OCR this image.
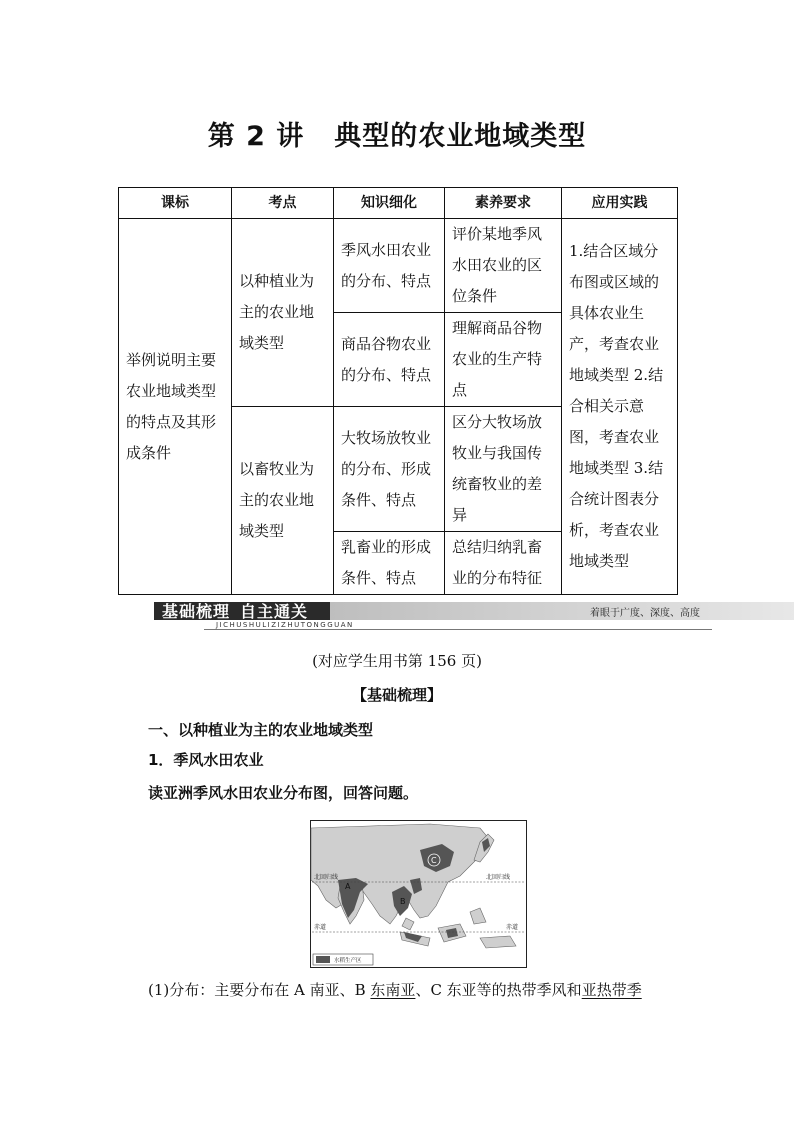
第 2 讲 典型的农业地域类型
课标	考点	知识细化	素养要求	应用实践

举例说明主要农业地域类型的特点及其形成条件	以种植业为主的农业地域类型	季风水田农业的分布、特点	评价某地季风水田农业的区位条件	1.结合区域分布图或区域的具体农业生产，考查农业地域类型 2.结合相关示意图，考查农业地域类型 3.结合统计图表分析，考查农业地域类型

		商品谷物农业的分布、特点	理解商品谷物农业的生产特点	

	以畜牧业为主的农业地域类型	大牧场放牧业的分布、形成条件、特点	区分大牧场放牧业与我国传统畜牧业的差异	

		乳畜业的形成条件、特点	总结归纳乳畜业的分布特征	
基础梳理 自主通关
JICHUSHULIZIZHUTONGGUAN
着眼于广度、深度、高度
(对应学生用书第 156 页)
【基础梳理】
一、以种植业为主的农业地域类型
1．季风水田农业
读亚洲季风水田农业分布图，回答问题。
北回归线	北回归线
赤道	赤道
A
B
C
水稻生产区
(1)分布：主要分布在 A 南亚、B 东南亚、C 东亚等的热带季风和亚热带季
